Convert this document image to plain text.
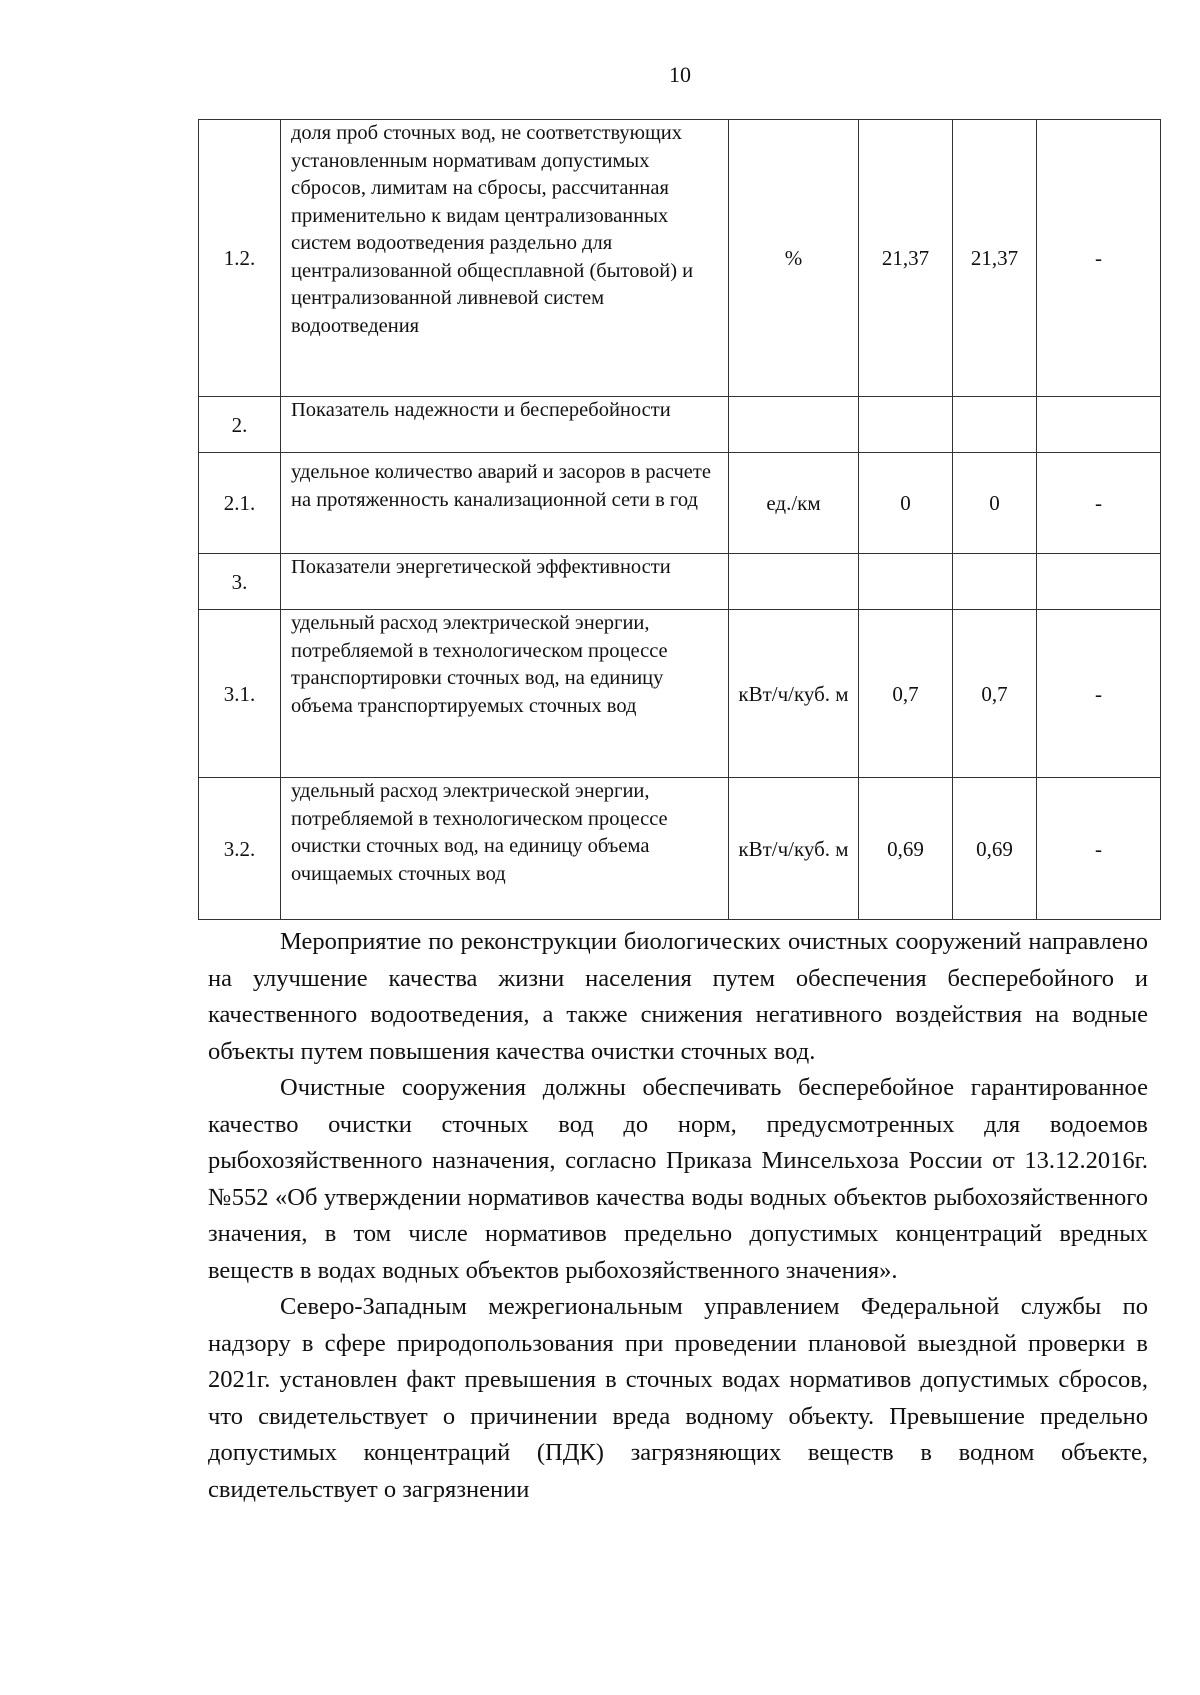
10
1.2.	доля проб сточных вод, не соответствующих установленным нормативам допустимых сбросов, лимитам на сбросы, рассчитанная применительно к видам централизованных систем водоотведения раздельно для централизованной общесплавной (бытовой) и централизованной ливневой систем водоотведения	%	21,37	21,37	-
2.	Показатель надежности и бесперебойности				
2.1.	удельное количество аварий и засоров в расчете на протяженность канализационной сети в год	ед./км	0	0	-
3.	Показатели энергетической эффективности				
3.1.	удельный расход электрической энергии, потребляемой в технологическом процессе транспортировки сточных вод, на единицу объема транспортируемых сточных вод	кВт/ч/куб. м	0,7	0,7	-
3.2.	удельный расход электрической энергии, потребляемой в технологическом процессе очистки сточных вод, на единицу объема очищаемых сточных вод	кВт/ч/куб. м	0,69	0,69	-

Мероприятие по реконструкции биологических очистных сооружений направлено на улучшение качества жизни населения путем обеспечения бесперебойного и качественного водоотведения, а также снижения негативного воздействия на водные объекты путем повышения качества очистки сточных вод.

Очистные сооружения должны обеспечивать бесперебойное гарантированное качество очистки сточных вод до норм, предусмотренных для водоемов рыбохозяйственного назначения, согласно Приказа Минсельхоза России от 13.12.2016г. №552 «Об утверждении нормативов качества воды водных объектов рыбохозяйственного значения, в том числе нормативов предельно допустимых концентраций вредных веществ в водах водных объектов рыбохозяйственного значения».

Северо-Западным межрегиональным управлением Федеральной службы по надзору в сфере природопользования при проведении плановой выездной проверки в 2021г. установлен факт превышения в сточных водах нормативов допустимых сбросов, что свидетельствует о причинении вреда водному объекту. Превышение предельно допустимых концентраций (ПДК) загрязняющих веществ в водном объекте, свидетельствует о загрязнении
